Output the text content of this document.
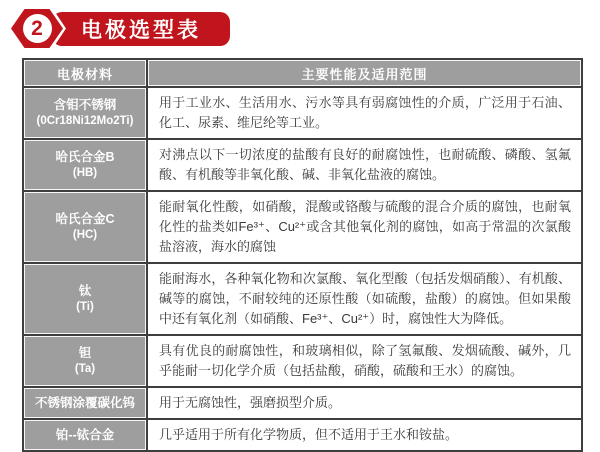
电极选型表
2
电极材料	主要性能及适用范围

含钼不锈钢
(0Cr18Ni12Mo2Ti)	用于工业水、生活用水、污水等具有弱腐蚀性的介质，广泛用于石油、化工、尿素、维尼纶等工业。

哈氏合金B
(HB)	对沸点以下一切浓度的盐酸有良好的耐腐蚀性，也耐硫酸、磷酸、氢氟酸、有机酸等非氧化酸、碱、非氧化盐液的腐蚀。

哈氏合金C
(HC)	能耐氧化性酸，如硝酸，混酸或铬酸与硫酸的混合介质的腐蚀，也耐氧化性的盐类如Fe³⁺、Cu²⁺或含其他氧化剂的腐蚀，如高于常温的次氯酸盐溶液，海水的腐蚀

钛
(Ti)	能耐海水，各种氧化物和次氯酸、氧化型酸（包括发烟硝酸）、有机酸、碱等的腐蚀，不耐较纯的还原性酸（如硫酸，盐酸）的腐蚀。但如果酸中还有氧化剂（如硝酸、Fe³⁺、Cu²⁺）时，腐蚀性大为降低。

钽
(Ta)	具有优良的耐腐蚀性，和玻璃相似，除了氢氟酸、发烟硫酸、碱外，几乎能耐一切化学介质（包括盐酸，硝酸，硫酸和王水）的腐蚀。

不锈钢涂覆碳化钨	用于无腐蚀性，强磨损型介质。

铂--铱合金	几乎适用于所有化学物质，但不适用于王水和铵盐。
